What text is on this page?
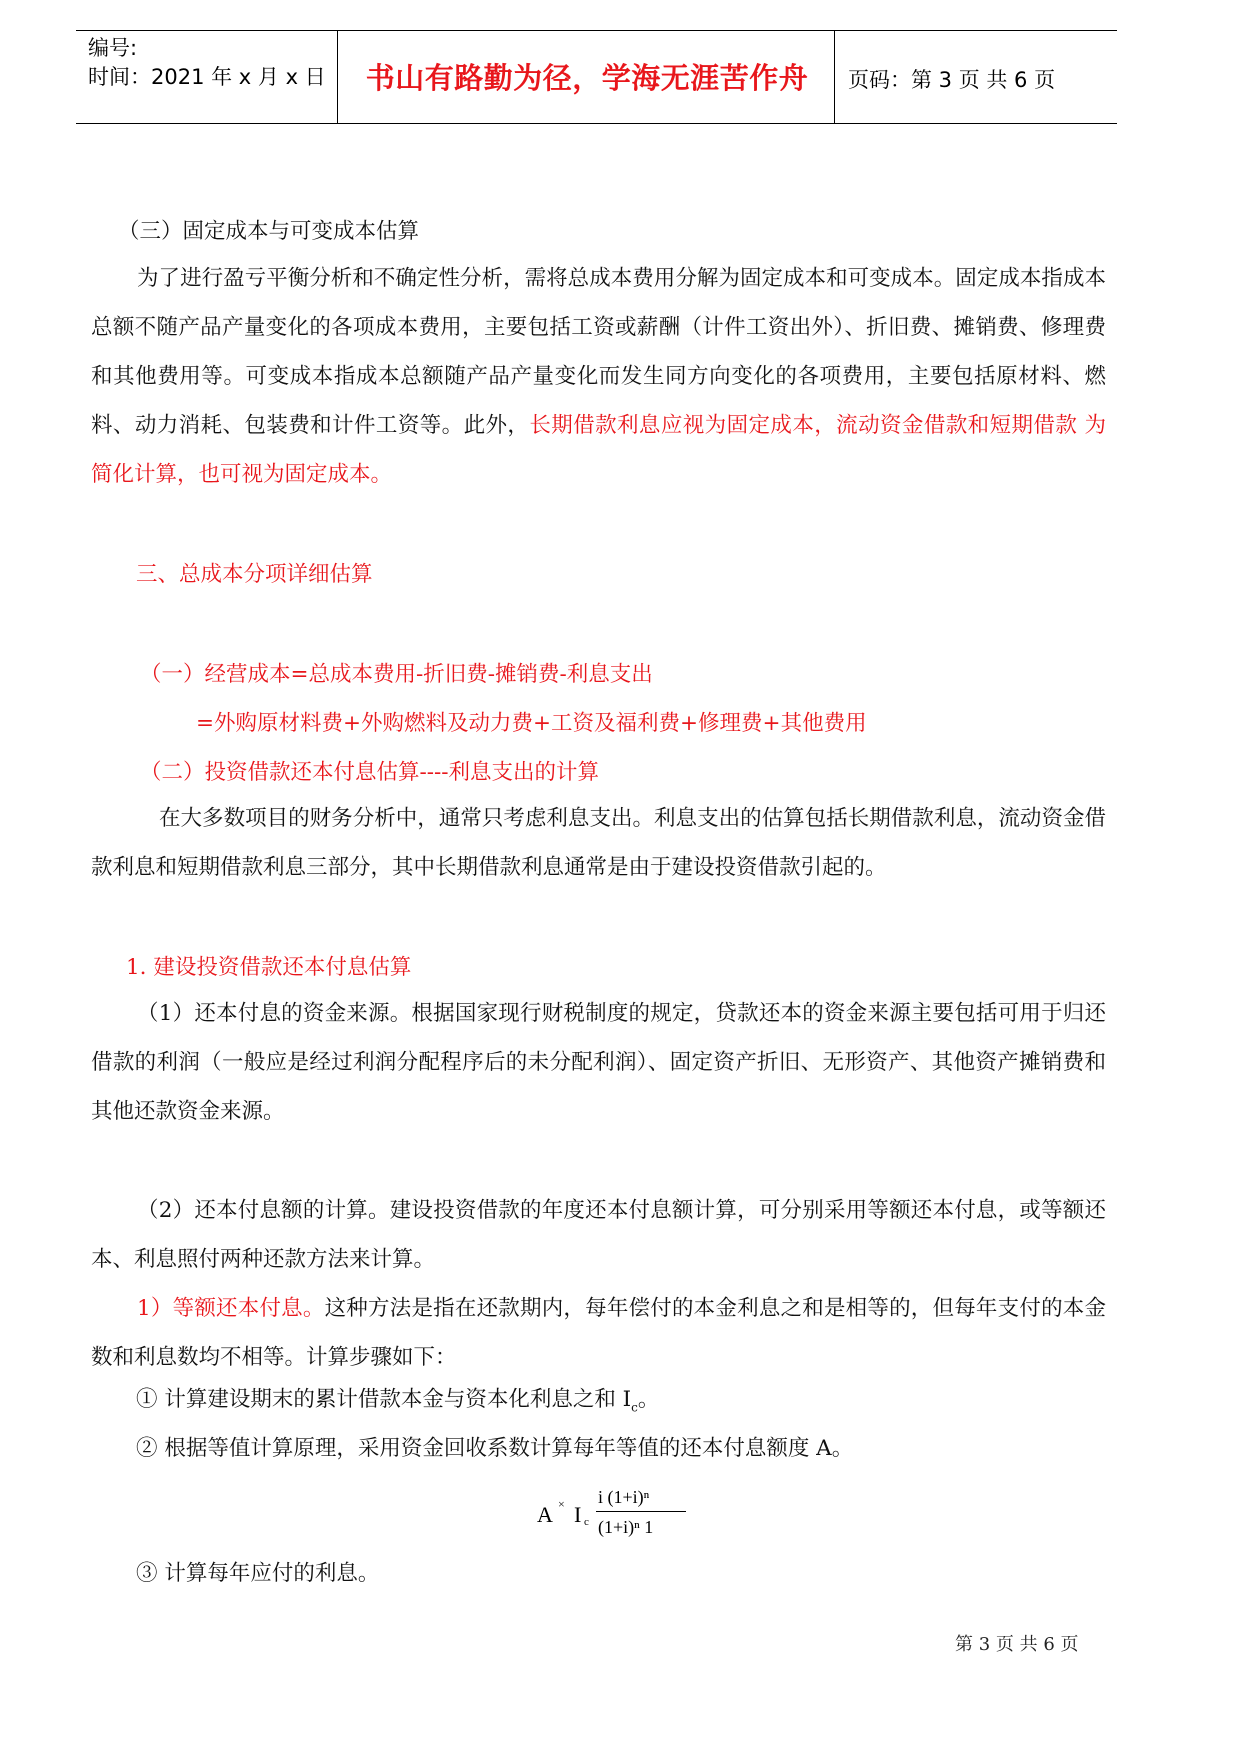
编号:
时间：2021 年 x 月 x 日	书山有路勤为径，学海无涯苦作舟	页码：第 3 页 共 6 页
（三）固定成本与可变成本估算
为了进行盈亏平衡分析和不确定性分析，需将总成本费用分解为固定成本和可变成本。固定成本指成本总额不随产品产量变化的各项成本费用，主要包括工资或薪酬（计件工资出外）、折旧费、摊销费、修理费和其他费用等。可变成本指成本总额随产品产量变化而发生同方向变化的各项费用，主要包括原材料、燃料、动力消耗、包装费和计件工资等。此外，长期借款利息应视为固定成本，流动资金借款和短期借款 为简化计算，也可视为固定成本。
三、总成本分项详细估算
（一）经营成本=总成本费用-折旧费-摊销费-利息支出
=外购原材料费+外购燃料及动力费+工资及福利费+修理费+其他费用
（二）投资借款还本付息估算----利息支出的计算
在大多数项目的财务分析中，通常只考虑利息支出。利息支出的估算包括长期借款利息，流动资金借款利息和短期借款利息三部分，其中长期借款利息通常是由于建设投资借款引起的。
1. 建设投资借款还本付息估算
（1）还本付息的资金来源。根据国家现行财税制度的规定，贷款还本的资金来源主要包括可用于归还借款的利润（一般应是经过利润分配程序后的未分配利润）、固定资产折旧、无形资产、其他资产摊销费和其他还款资金来源。
（2）还本付息额的计算。建设投资借款的年度还本付息额计算，可分别采用等额还本付息，或等额还本、利息照付两种还款方法来计算。
1）等额还本付息。这种方法是指在还款期内，每年偿付的本金利息之和是相等的，但每年支付的本金数和利息数均不相等。计算步骤如下：
① 计算建设期末的累计借款本金与资本化利息之和 $I_c$。
② 根据等值计算原理，采用资金回收系数计算每年等值的还本付息额度 A。
A × I c
i (1+i)ⁿ
(1+i)ⁿ 1
③ 计算每年应付的利息。
第 3 页 共 6 页
